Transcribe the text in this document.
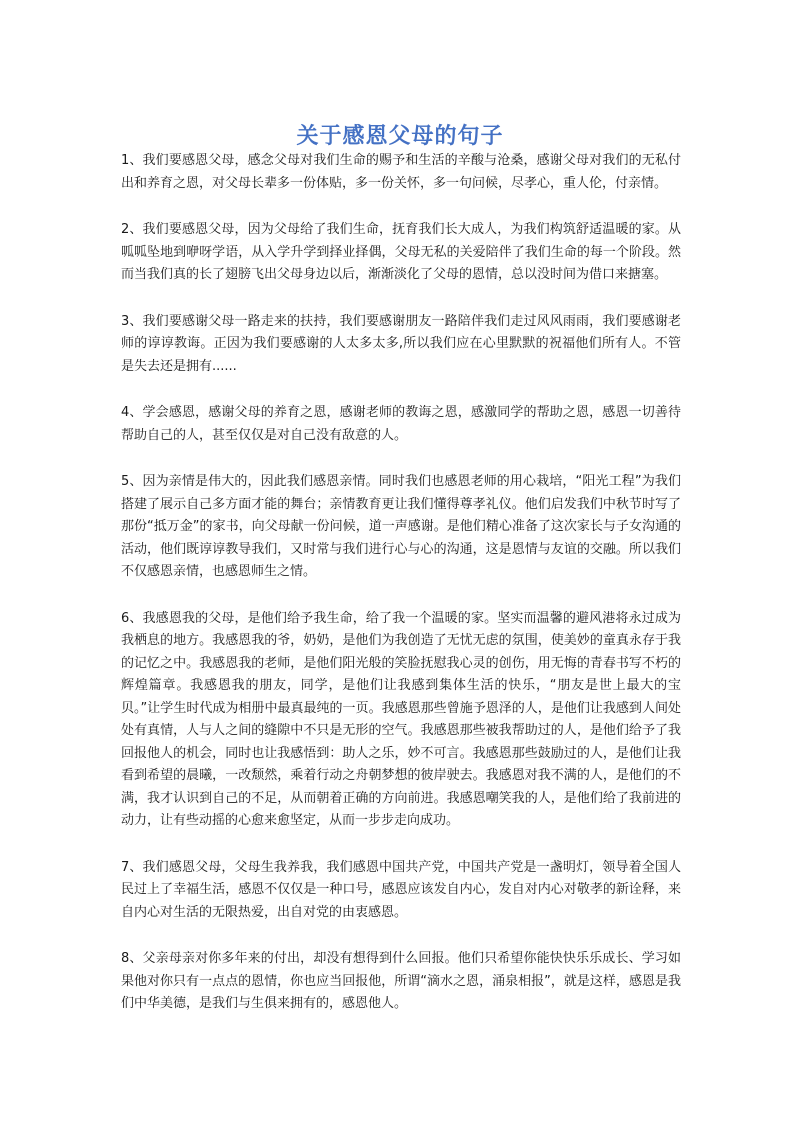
关于感恩父母的句子

1、我们要感恩父母，感念父母对我们生命的赐予和生活的辛酸与沧桑，感谢父母对我们的无私付出和养育之恩，对父母长辈多一份体贴，多一份关怀，多一句问候，尽孝心，重人伦，付亲情。

2、我们要感恩父母，因为父母给了我们生命，抚育我们长大成人，为我们构筑舒适温暖的家。从呱呱坠地到咿呀学语，从入学升学到择业择偶，父母无私的关爱陪伴了我们生命的每一个阶段。然而当我们真的长了翅膀飞出父母身边以后，渐渐淡化了父母的恩情，总以没时间为借口来搪塞。

3、我们要感谢父母一路走来的扶持，我们要感谢朋友一路陪伴我们走过风风雨雨，我们要感谢老师的谆谆教诲。正因为我们要感谢的人太多太多,所以我们应在心里默默的祝福他们所有人。不管是失去还是拥有......

4、学会感恩，感谢父母的养育之恩，感谢老师的教诲之恩，感激同学的帮助之恩，感恩一切善待帮助自己的人，甚至仅仅是对自己没有敌意的人。

5、因为亲情是伟大的，因此我们感恩亲情。同时我们也感恩老师的用心栽培，“阳光工程”为我们搭建了展示自己多方面才能的舞台；亲情教育更让我们懂得尊孝礼仪。他们启发我们中秋节时写了那份“抵万金”的家书，向父母献一份问候，道一声感谢。是他们精心准备了这次家长与子女沟通的活动，他们既谆谆教导我们，又时常与我们进行心与心的沟通，这是恩情与友谊的交融。所以我们不仅感恩亲情，也感恩师生之情。

6、我感恩我的父母，是他们给予我生命，给了我一个温暖的家。坚实而温馨的避风港将永过成为我栖息的地方。我感恩我的爷，奶奶，是他们为我创造了无忧无虑的氛围，使美妙的童真永存于我的记忆之中。我感恩我的老师，是他们阳光般的笑脸抚慰我心灵的创伤，用无悔的青春书写不朽的辉煌篇章。我感恩我的朋友，同学，是他们让我感到集体生活的快乐，“朋友是世上最大的宝贝。”让学生时代成为相册中最真最纯的一页。我感恩那些曾施予恩泽的人，是他们让我感到人间处处有真情，人与人之间的缝隙中不只是无形的空气。我感恩那些被我帮助过的人，是他们给予了我回报他人的机会，同时也让我感悟到：助人之乐，妙不可言。我感恩那些鼓励过的人，是他们让我看到希望的晨曦，一改颓然，乘着行动之舟朝梦想的彼岸驶去。我感恩对我不满的人，是他们的不满，我才认识到自己的不足，从而朝着正确的方向前进。我感恩嘲笑我的人，是他们给了我前进的动力，让有些动摇的心愈来愈坚定，从而一步步走向成功。

7、我们感恩父母，父母生我养我，我们感恩中国共产党，中国共产党是一盏明灯，领导着全国人民过上了幸福生活，感恩不仅仅是一种口号，感恩应该发自内心，发自对内心对敬孝的新诠释，来自内心对生活的无限热爱，出自对党的由衷感恩。

8、父亲母亲对你多年来的付出，却没有想得到什么回报。他们只希望你能快快乐乐成长、学习如果他对你只有一点点的恩情，你也应当回报他，所谓“滴水之恩，涌泉相报”，就是这样，感恩是我们中华美德，是我们与生俱来拥有的，感恩他人。
